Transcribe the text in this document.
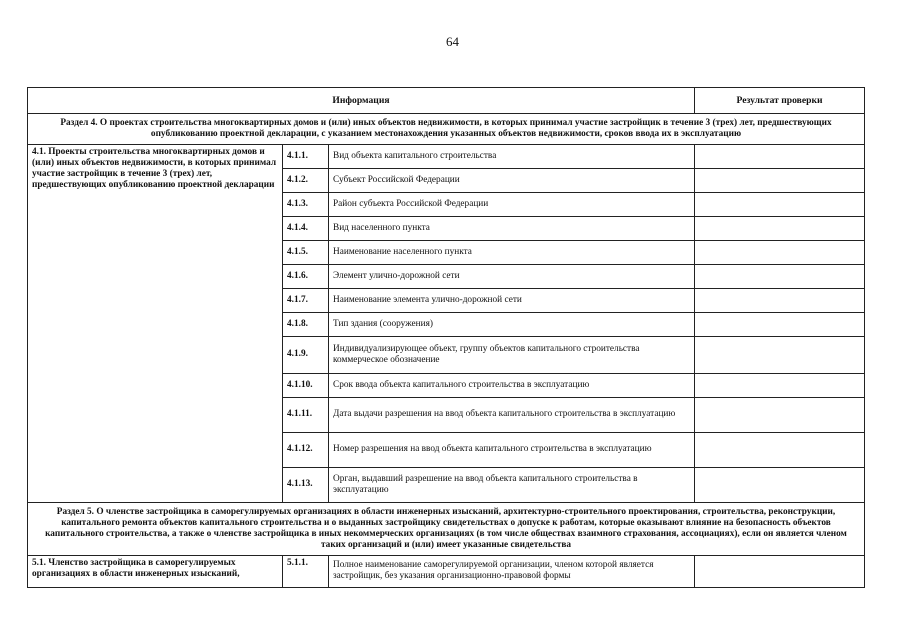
64
Информация			Результат проверки
Раздел 4. О проектах строительства многоквартирных домов и (или) иных объектов недвижимости, в которых принимал участие застройщик в течение 3 (трех) лет, предшествующих опубликованию проектной декларации, с указанием местонахождения указанных объектов недвижимости, сроков ввода их в эксплуатацию			
4.1. Проекты строительства многоквартирных домов и (или) иных объектов недвижимости, в которых принимал участие застройщик в течение 3 (трех) лет, предшествующих опубликованию проектной декларации	4.1.1.	Вид объекта капитального строительства	
	4.1.2.	Субъект Российской Федерации	
	4.1.3.	Район субъекта Российской Федерации	
	4.1.4.	Вид населенного пункта	
	4.1.5.	Наименование населенного пункта	
	4.1.6.	Элемент улично-дорожной сети	
	4.1.7.	Наименование элемента улично-дорожной сети	
	4.1.8.	Тип здания (сооружения)	
	4.1.9.	Индивидуализирующее объект, группу объектов капитального строительства коммерческое обозначение	
	4.1.10.	Срок ввода объекта капитального строительства в эксплуатацию	
	4.1.11.	Дата выдачи разрешения на ввод объекта капитального строительства в эксплуатацию	
	4.1.12.	Номер разрешения на ввод объекта капитального строительства в эксплуатацию	
	4.1.13.	Орган, выдавший разрешение на ввод объекта капитального строительства в эксплуатацию	
Раздел 5. О членстве застройщика в саморегулируемых организациях в области инженерных изысканий, архитектурно-строительного проектирования, строительства, реконструкции, капитального ремонта объектов капитального строительства и о выданных застройщику свидетельствах о допуске к работам, которые оказывают влияние на безопасность объектов капитального строительства, а также о членстве застройщика в иных некоммерческих организациях (в том числе обществах взаимного страхования, ассоциациях), если он является членом таких организаций и (или) имеет указанные свидетельства			
5.1. Членство застройщика в саморегулируемых организациях в области инженерных изысканий,	5.1.1.	Полное наименование саморегулируемой организации, членом которой является застройщик, без указания организационно-правовой формы	
